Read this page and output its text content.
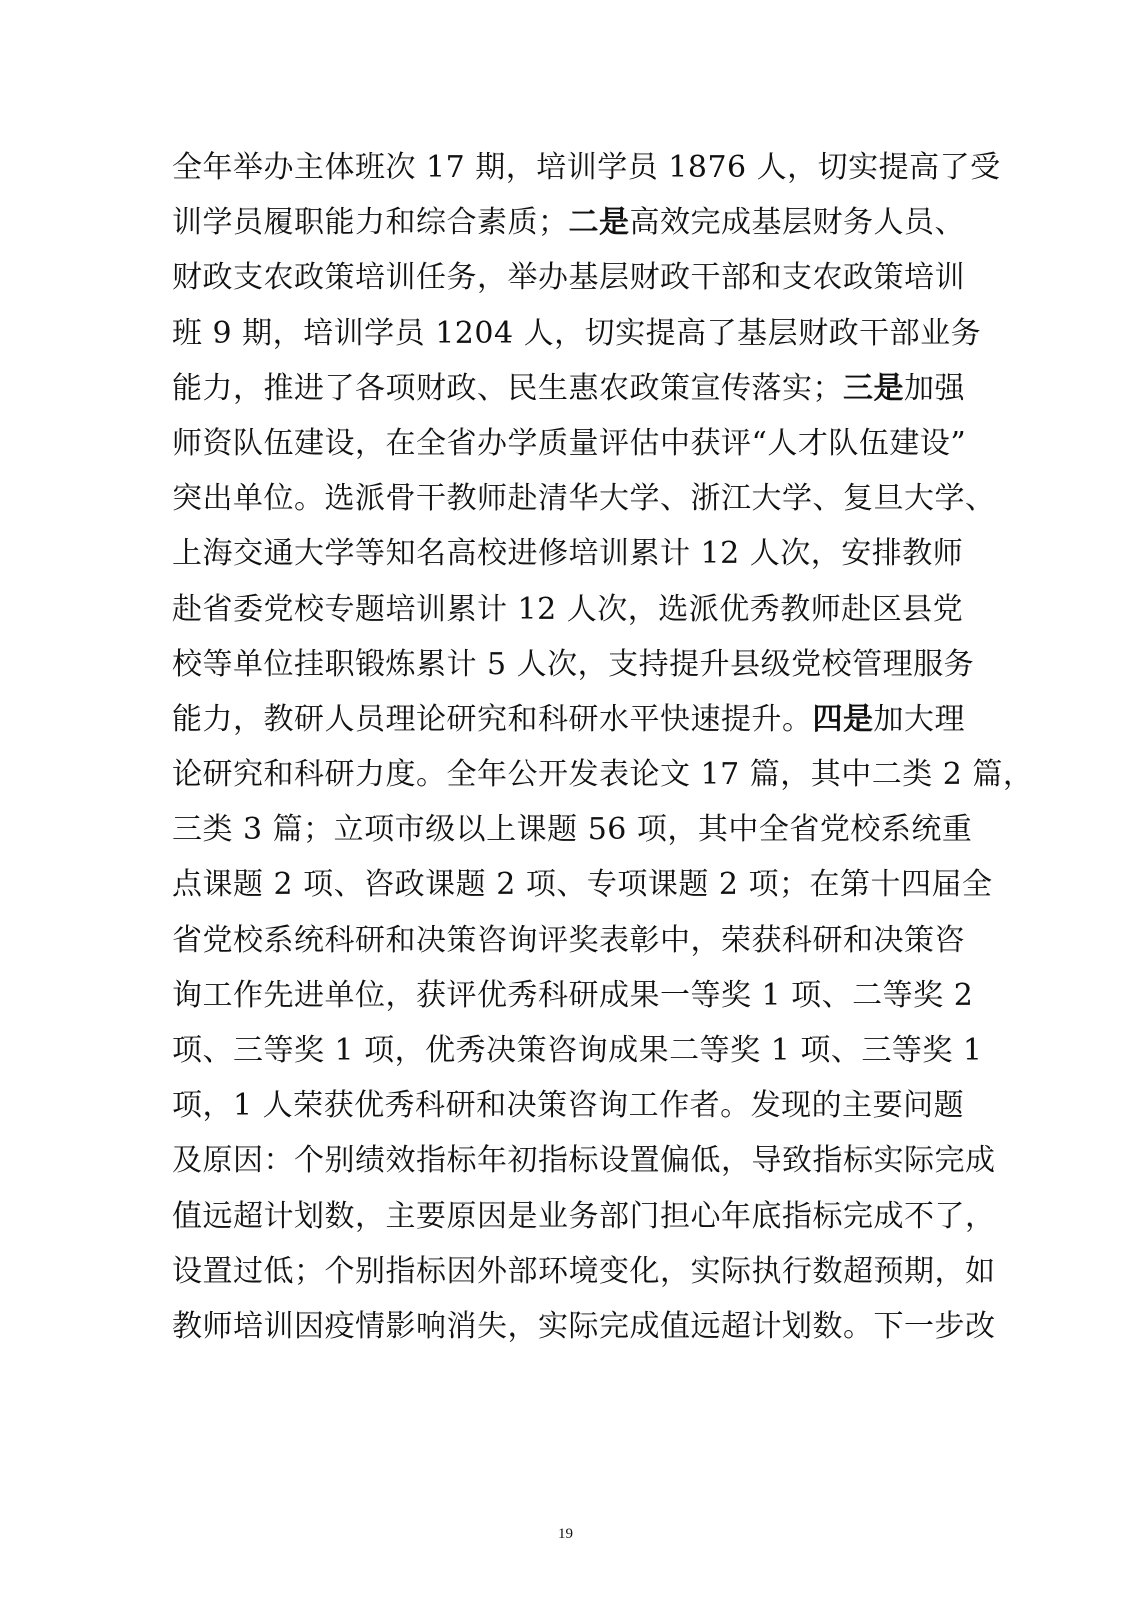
全年举办主体班次 17 期，培训学员 1876 人，切实提高了受
训学员履职能力和综合素质；二是高效完成基层财务人员、
财政支农政策培训任务，举办基层财政干部和支农政策培训
班 9 期，培训学员 1204 人，切实提高了基层财政干部业务
能力，推进了各项财政、民生惠农政策宣传落实；三是加强
师资队伍建设，在全省办学质量评估中获评“人才队伍建设”
突出单位。选派骨干教师赴清华大学、浙江大学、复旦大学、
上海交通大学等知名高校进修培训累计 12 人次，安排教师
赴省委党校专题培训累计 12 人次，选派优秀教师赴区县党
校等单位挂职锻炼累计 5 人次，支持提升县级党校管理服务
能力，教研人员理论研究和科研水平快速提升。四是加大理
论研究和科研力度。全年公开发表论文 17 篇，其中二类 2 篇，
三类 3 篇；立项市级以上课题 56 项，其中全省党校系统重
点课题 2 项、咨政课题 2 项、专项课题 2 项；在第十四届全
省党校系统科研和决策咨询评奖表彰中，荣获科研和决策咨
询工作先进单位，获评优秀科研成果一等奖 1 项、二等奖 2
项、三等奖 1 项，优秀决策咨询成果二等奖 1 项、三等奖 1
项，1 人荣获优秀科研和决策咨询工作者。发现的主要问题
及原因：个别绩效指标年初指标设置偏低，导致指标实际完成
值远超计划数，主要原因是业务部门担心年底指标完成不了，
设置过低；个别指标因外部环境变化，实际执行数超预期，如
教师培训因疫情影响消失，实际完成值远超计划数。下一步改
19
